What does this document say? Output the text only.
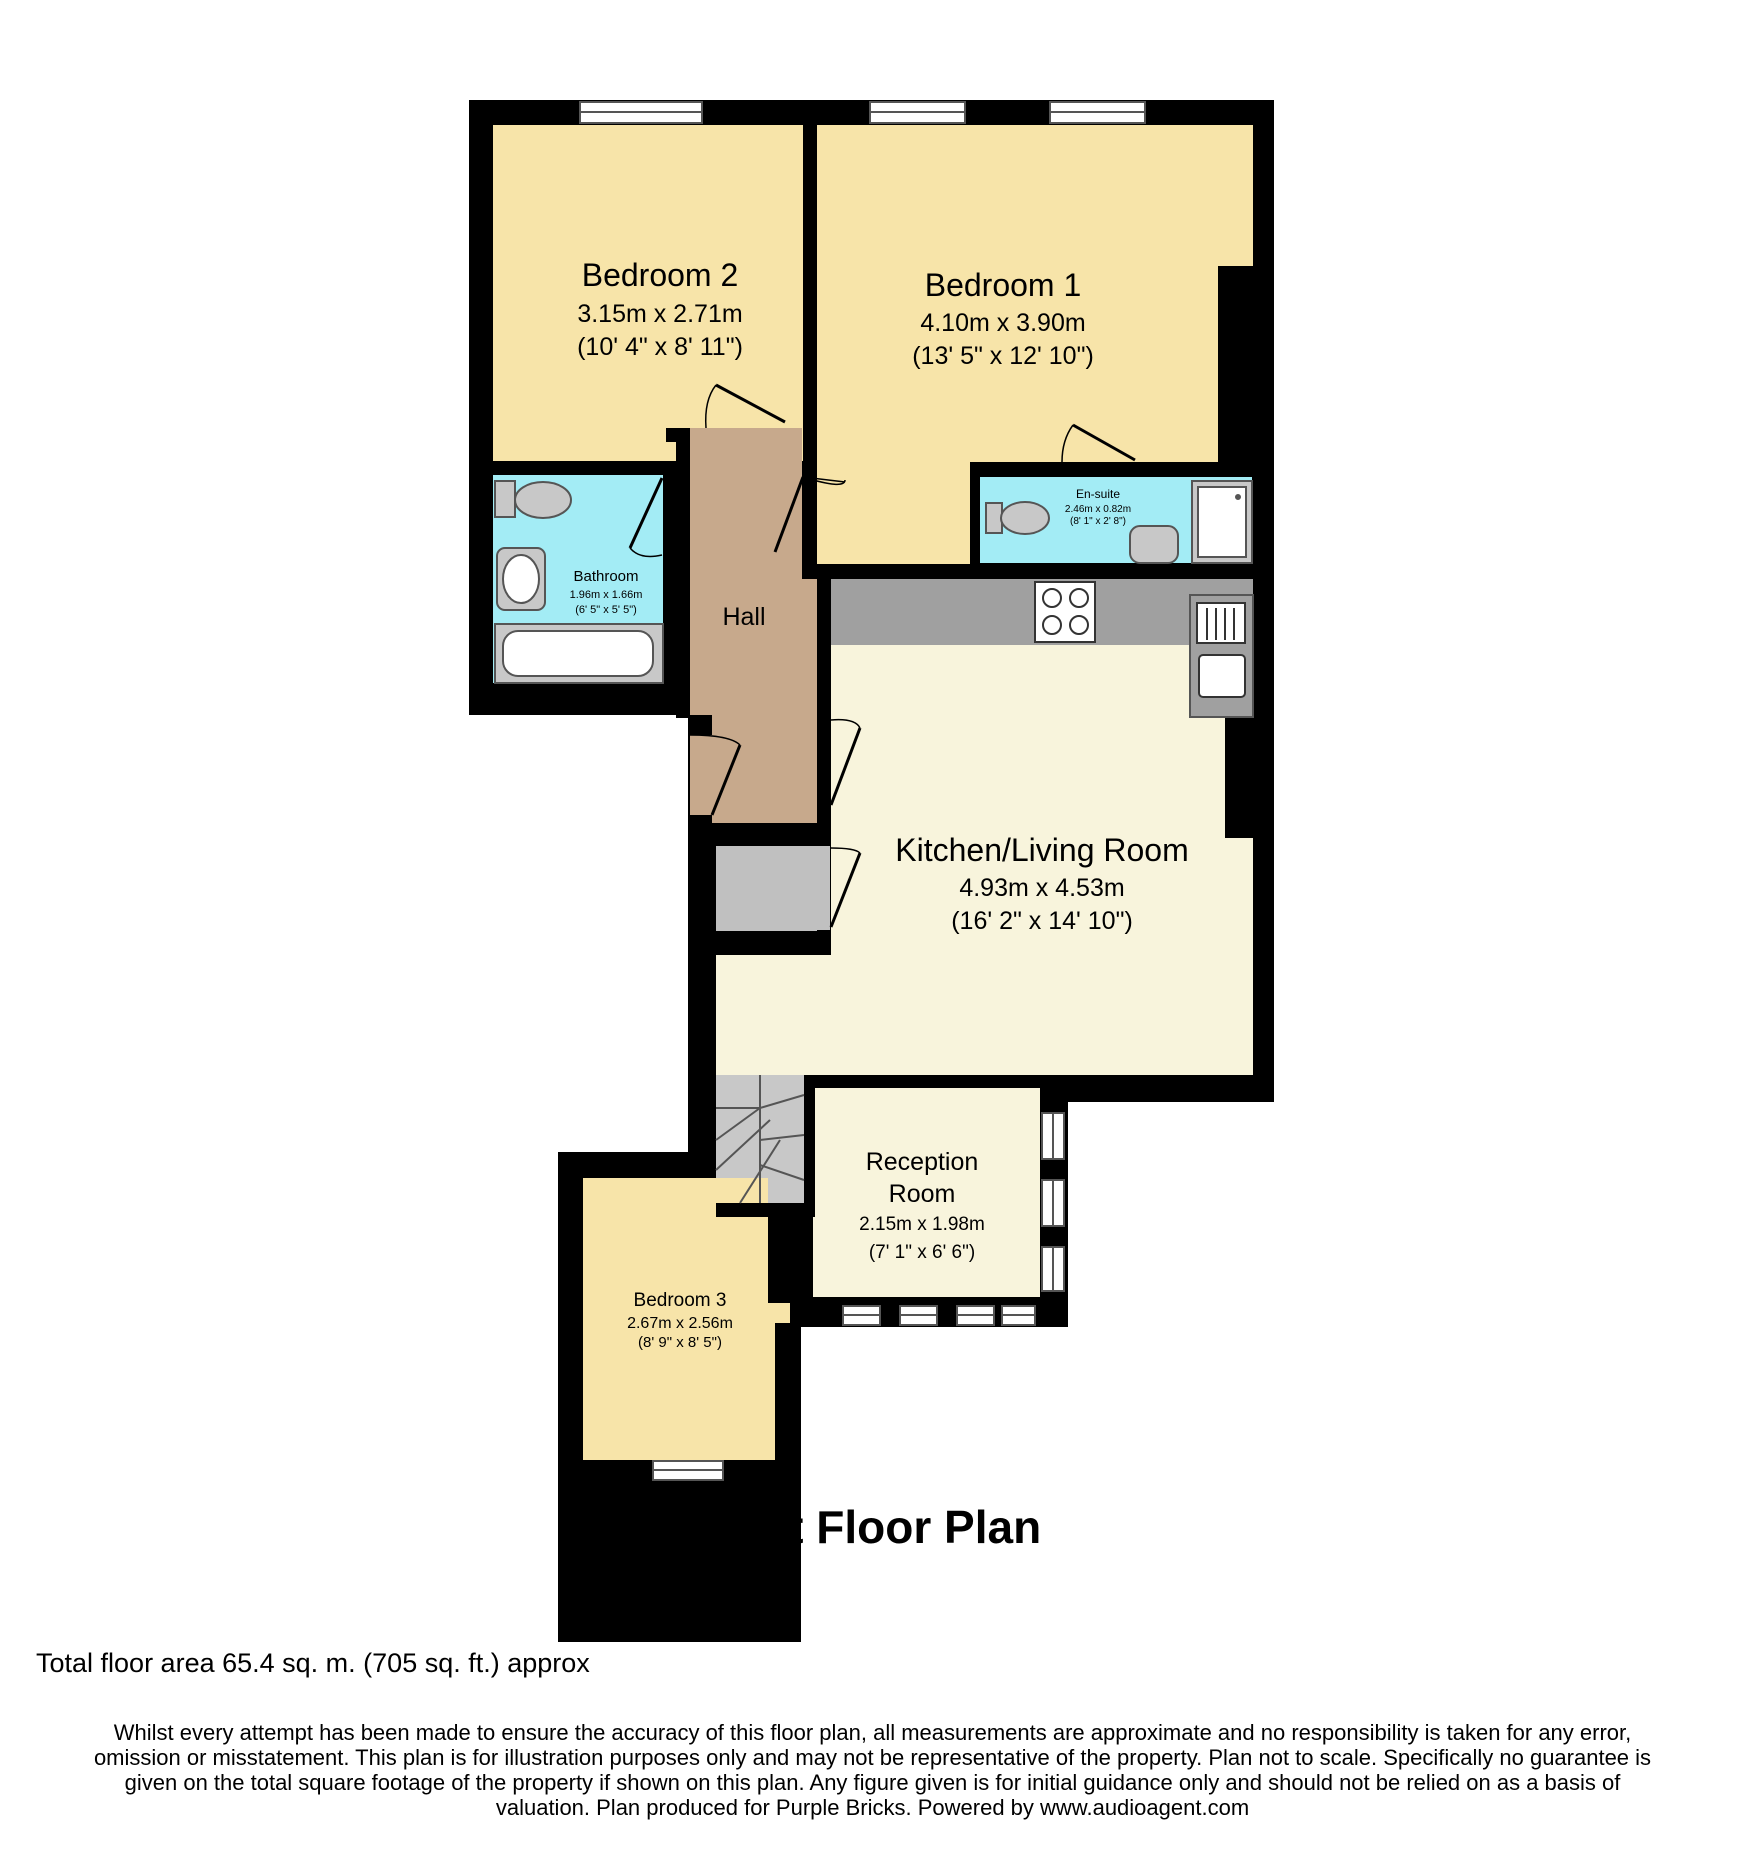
Bedroom 2
3.15m x 2.71m
(10' 4" x 8' 11")
Bedroom 1
4.10m x 3.90m
(13' 5" x 12' 10")
En-suite
2.46m x 0.82m
(8' 1" x 2' 8")
Bathroom
1.96m x 1.66m
(6' 5" x 5' 5")	Hall
Kitchen/Living Room
4.93m x 4.53m
(16' 2" x 14' 10")
Reception
Room
2.15m x 1.98m
(7' 1" x 6' 6")
Bedroom 3
2.67m x 2.56m
(8' 9" x 8' 5")
First Floor Plan
Total floor area 65.4 sq. m. (705 sq. ft.) approx
Whilst every attempt has been made to ensure the accuracy of this floor plan, all measurements are approximate and no responsibility is taken for any error,
omission or misstatement. This plan is for illustration purposes only and may not be representative of the property. Plan not to scale. Specifically no guarantee is
given on the total square footage of the property if shown on this plan. Any figure given is for initial guidance only and should not be relied on as a basis of
valuation. Plan produced for Purple Bricks. Powered by www.audioagent.com
